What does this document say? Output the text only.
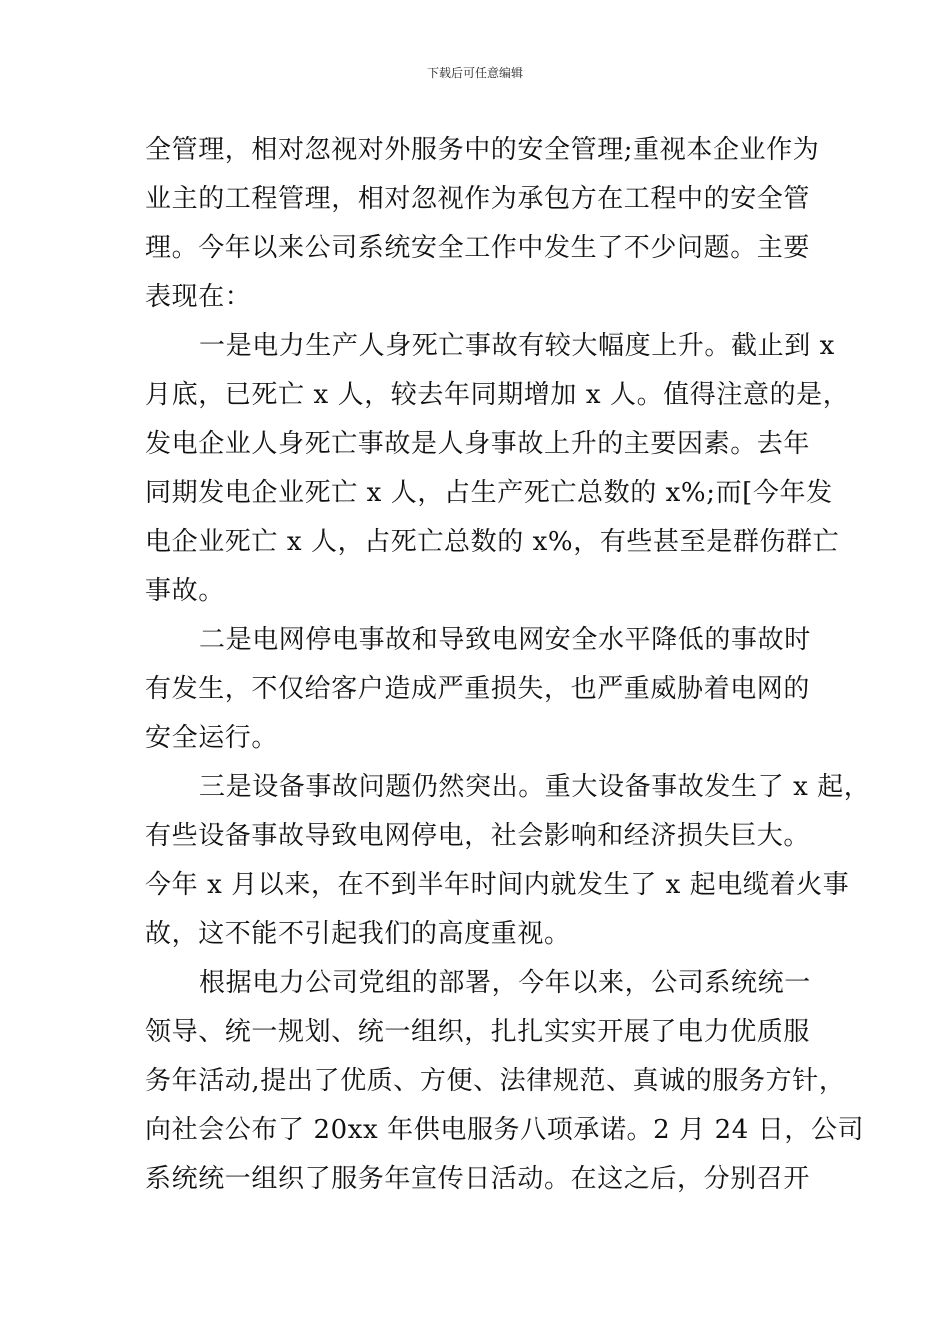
下载后可任意编辑
全管理，相对忽视对外服务中的安全管理;重视本企业作为
业主的工程管理，相对忽视作为承包方在工程中的安全管
理。今年以来公司系统安全工作中发生了不少问题。主要
表现在：
一是电力生产人身死亡事故有较大幅度上升。截止到 x
月底，已死亡 x 人，较去年同期增加 x 人。值得注意的是，
发电企业人身死亡事故是人身事故上升的主要因素。去年
同期发电企业死亡 x 人，占生产死亡总数的 x%;而[今年发
电企业死亡 x 人，占死亡总数的 x%，有些甚至是群伤群亡
事故。
二是电网停电事故和导致电网安全水平降低的事故时
有发生，不仅给客户造成严重损失，也严重威胁着电网的
安全运行。
三是设备事故问题仍然突出。重大设备事故发生了 x 起，
有些设备事故导致电网停电，社会影响和经济损失巨大。
今年 x 月以来，在不到半年时间内就发生了 x 起电缆着火事
故，这不能不引起我们的高度重视。
根据电力公司党组的部署，今年以来，公司系统统一
领导、统一规划、统一组织，扎扎实实开展了电力优质服
务年活动,提出了优质、方便、法律规范、真诚的服务方针，
向社会公布了 20xx 年供电服务八项承诺。2 月 24 日，公司
系统统一组织了服务年宣传日活动。在这之后，分别召开
